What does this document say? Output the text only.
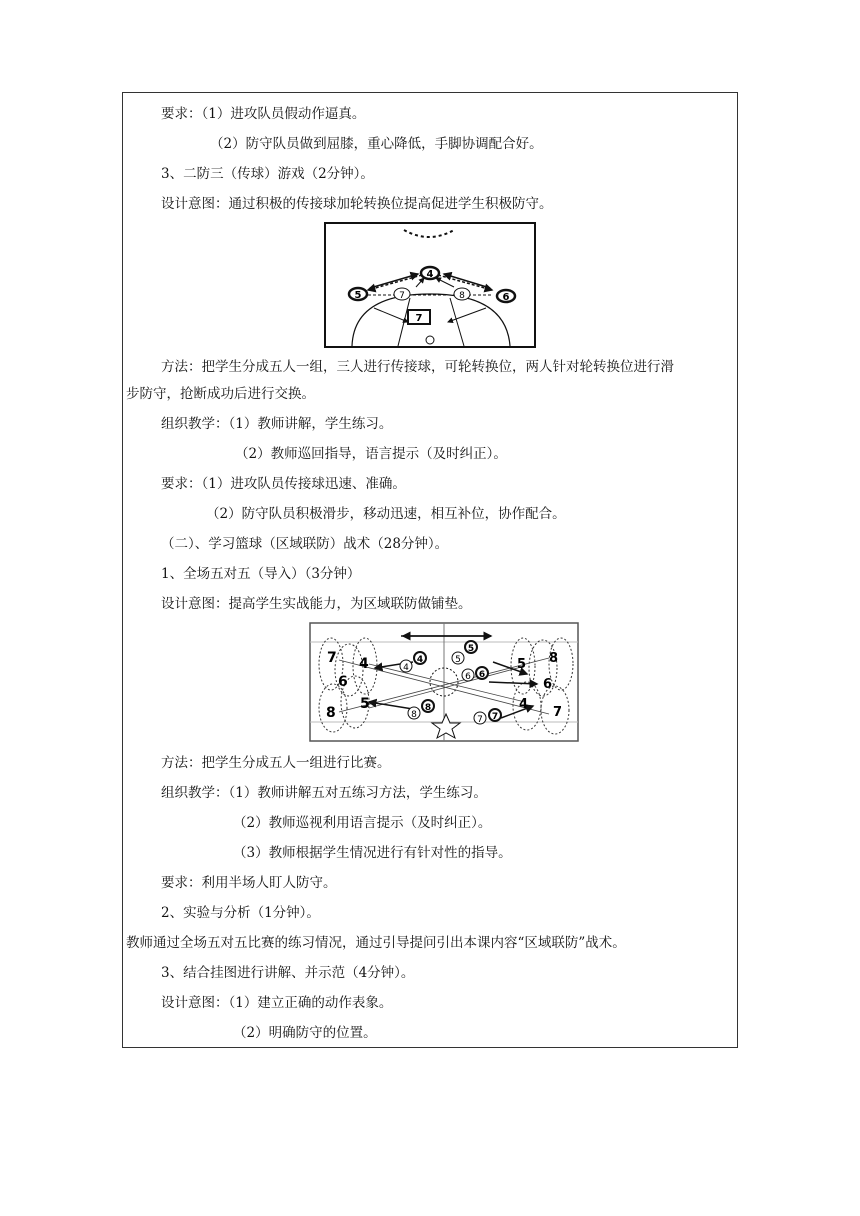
要求：（1）进攻队员假动作逼真。
（2）防守队员做到屈膝，重心降低，手脚协调配合好。
3、二防三（传球）游戏（2分钟）。
设计意图：通过积极的传接球加轮转换位提高促进学生积极防守。
4
5	6
7	8
7
方法：把学生分成五人一组，三人进行传接球，可轮转换位，两人针对轮转换位进行滑
步防守，抢断成功后进行交换。
组织教学：（1）教师讲解，学生练习。
（2）教师巡回指导，语言提示（及时纠正）。
要求：（1）进攻队员传接球迅速、准确。
（2）防守队员积极滑步，移动迅速，相互补位，协作配合。
（二）、学习篮球（区域联防）战术（28分钟）。
1、全场五对五（导入）（3分钟）
设计意图：提高学生实战能力，为区域联防做铺垫。
7 4
6
8
5
4
4	5
5
6 6
8
8
7 7
5 8
6
7
4
方法：把学生分成五人一组进行比赛。
组织教学：（1）教师讲解五对五练习方法，学生练习。
（2）教师巡视利用语言提示（及时纠正）。
（3）教师根据学生情况进行有针对性的指导。
要求：利用半场人盯人防守。
2、实验与分析（1分钟）。
教师通过全场五对五比赛的练习情况，通过引导提问引出本课内容“区域联防”战术。
3、结合挂图进行讲解、并示范（4分钟）。
设计意图：（1）建立正确的动作表象。
（2）明确防守的位置。
